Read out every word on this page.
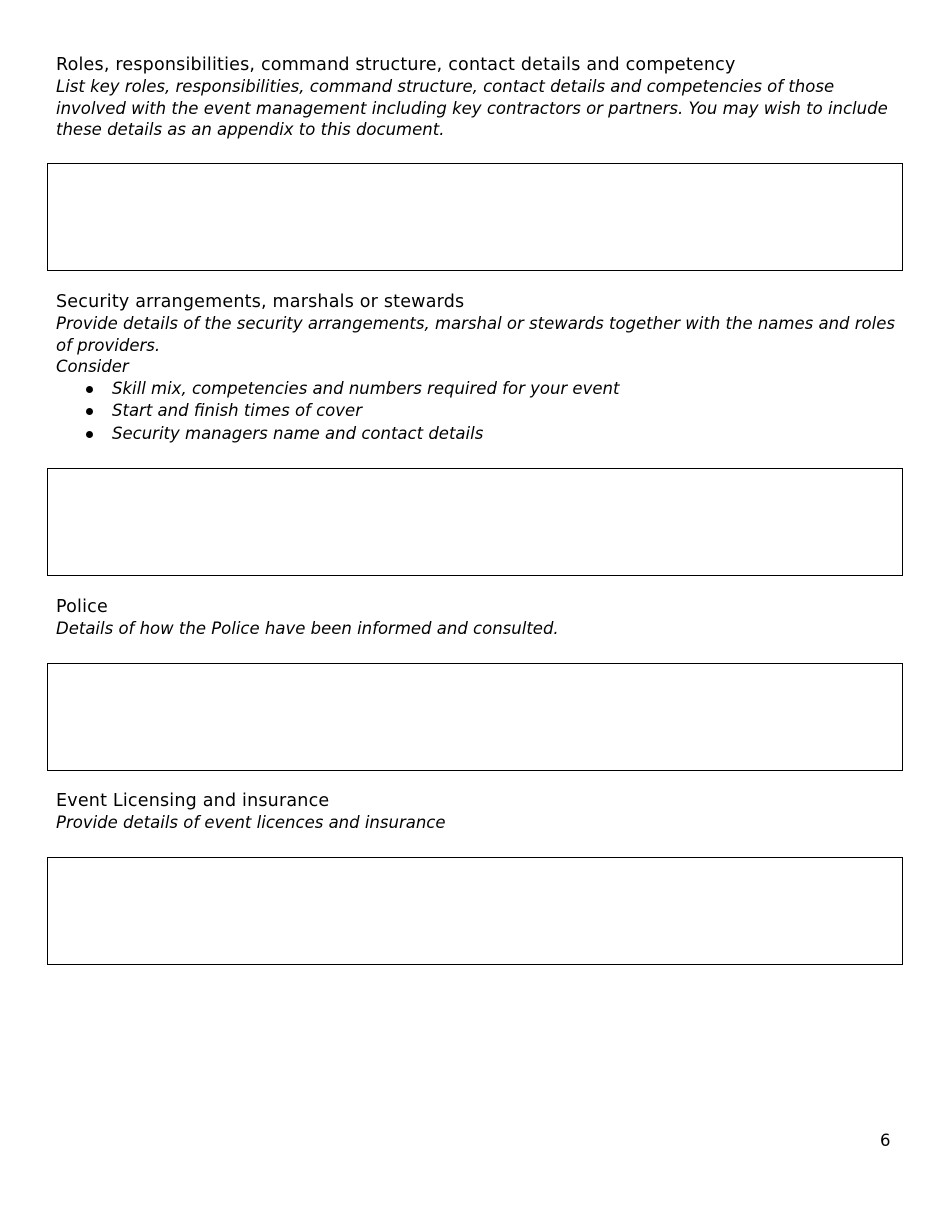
Roles, responsibilities, command structure, contact details and competency
List key roles, responsibilities, command structure, contact details and competencies of those involved with the event management including key contractors or partners. You may wish to include these details as an appendix to this document.
Security arrangements, marshals or stewards
Provide details of the security arrangements, marshal or stewards together with the names and roles of providers.
Consider
Skill mix, competencies and numbers required for your event
Start and finish times of cover
Security managers name and contact details
Police
Details of how the Police have been informed and consulted.
Event Licensing and insurance
Provide details of event licences and insurance
6
